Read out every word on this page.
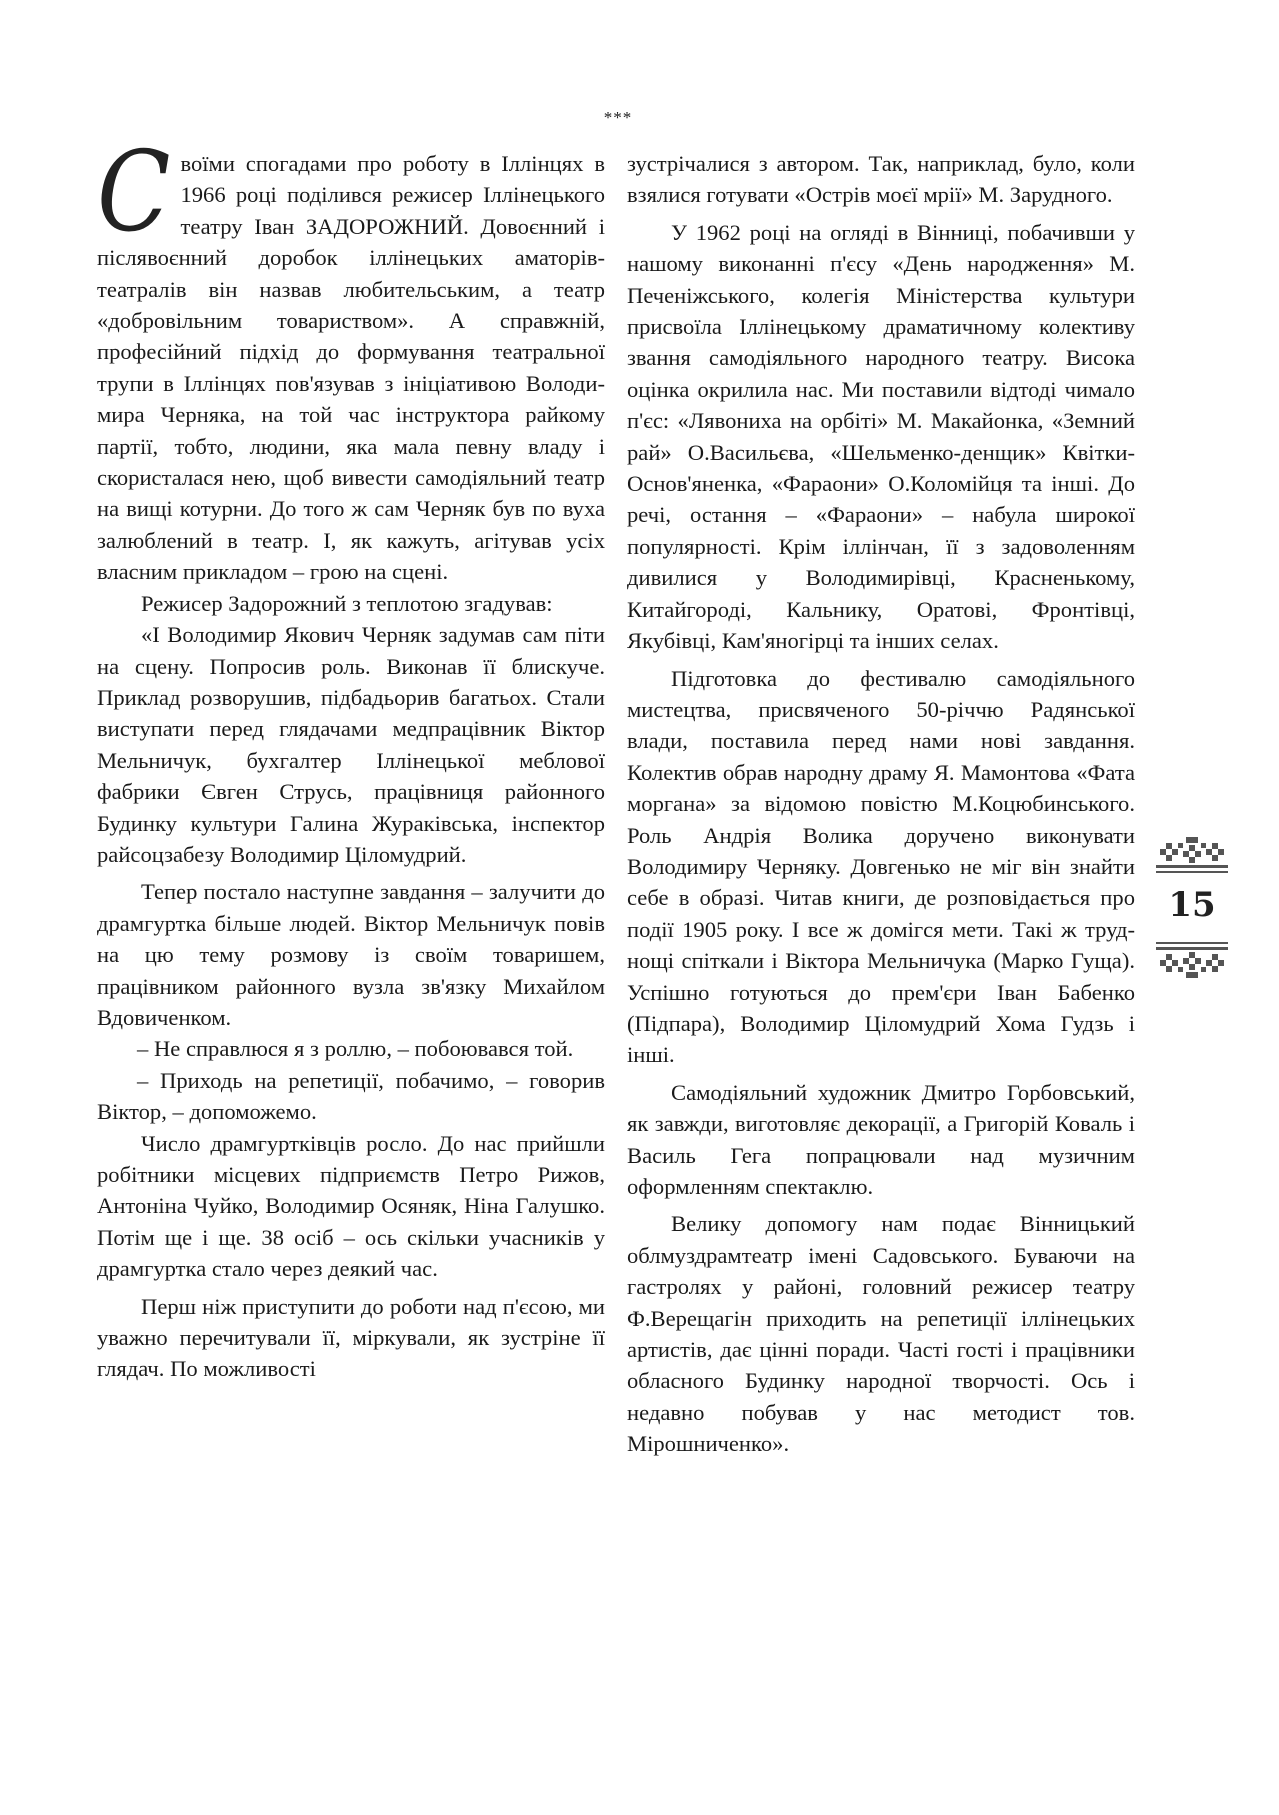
***

Своїми спогадами про роботу в Іллінцях в 1966 році поділився режисер Іллінецького театру Іван ЗАДОРОЖНИЙ. Довоєнний і післявоєнний доробок іллінецьких аматорів-театралів він назвав любительським, а театр «добровільним товариством». А справжній, професійний підхід до формування театральної трупи в Іллінцях пов'язував з ініціативою Володимира Черняка, на той час інструктора райкому партії, тобто, людини, яка мала певну владу і скористалася нею, щоб вивести самодіяльний театр на вищі котурни. До того ж сам Черняк був по вуха залюблений в театр. І, як кажуть, агітував усіх власним прикладом – грою на сцені.

Режисер Задорожний з теплотою згадував:

«І Володимир Якович Черняк задумав сам піти на сцену. Попросив роль. Виконав її блискуче. Приклад розворушив, підбадьорив багатьох. Стали виступати перед глядачами медпрацівник Віктор Мельничук, бухгалтер Іллінецької меблової фабрики Євген Струсь, працівниця районного Будинку культури Галина Жураківська, інспектор райсоцзабезу Володимир Цiломудрий.

Тепер постало наступне завдання – залучити до драмгуртка більше людей. Віктор Мельничук повів на цю тему розмову із своїм товаришем, працівником районного вузла зв'язку Михайлом Вдовиченком.

– Не справлюся я з роллю, – побоювався той.

– Приходь на репетиції, побачимо, – говорив Віктор, – допоможемо.

Число драмгуртківців росло. До нас прийшли робітники місцевих підприємств Петро Рижов, Антоніна Чуйко, Володимир Осяняк, Ніна Галушко. Потім ще і ще. 38 осіб – ось скільки учасників у драмгуртка стало через деякий час.

Перш ніж приступити до роботи над п'єсою, ми уважно перечитували її, міркували, як зустріне її глядач. По можливості

зустрічалися з автором. Так, наприклад, було, коли взялися готувати «Острів моєї мрії» М. Зарудного.

У 1962 році на огляді в Вінниці, побачивши у нашому виконанні п'єсу «День народження» М. Печеніжського, колегія Міністерства культури присвоїла Іллінецькому драматичному колективу звання самодіяльного народного театру. Висока оцінка окрилила нас. Ми поставили відтоді чимало п'єс: «Лявониха на орбіті» М. Макайонка, «Земний рай» О.Васильєва, «Шельменко-денщик» Квітки-Основ'яненка, «Фараони» О.Коломійця та інші. До речі, остання – «Фараони» – набула широкої популярності. Крім іллінчан, її з задоволенням дивилися у Володимирівці, Красненькому, Китайгороді, Кальнику, Оратові, Фронтівці, Якубівці, Кам'яногірці та інших селах.

Підготовка до фестивалю самодіяльного мистецтва, присвяченого 50-річчю Радянської влади, поставила перед нами нові завдання. Колектив обрав народну драму Я. Мамонтова «Фата моргана» за відомою повістю М.Коцюбинського. Роль Андрія Волика доручено виконувати Володимиру Черняку. Довгенько не міг він знайти себе в образі. Читав книги, де розповідається про події 1905 року. І все ж домігся мети. Такі ж труднощі спіткали і Віктора Мельничука (Марко Гуща). Успішно готуються до прем'єри Іван Бабенко (Підпара), Володимир Цiломудрий Хома Гудзь і інші.

Самодіяльний художник Дмитро Горбовський, як завжди, виготовляє декорації, а Григорій Коваль і Василь Гега попрацювали над музичним оформленням спектаклю.

Велику допомогу нам подає Вінницький облмуздрамтеатр імені Садовського. Буваючи на гастролях у районі, головний режисер театру Ф.Верещагін приходить на репетиції іллінецьких артистів, дає цінні поради. Часті гості і працівники обласного Будинку народної творчості. Ось і недавно побував у нас методист тов. Мірошниченко».

15
